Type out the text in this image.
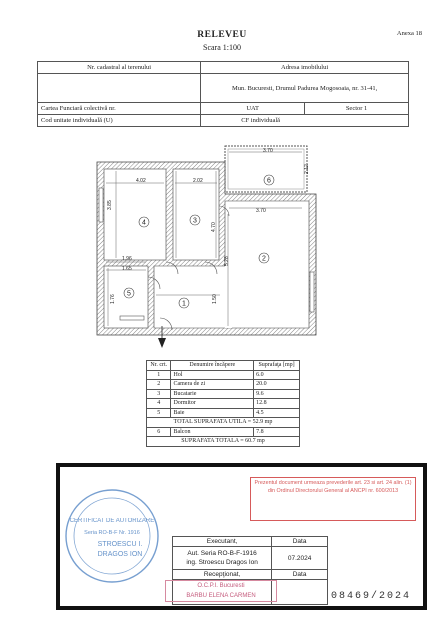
Anexa 18
RELEVEU
Scara 1:100
Nr. cadastral al terenului	Adresa imobilului	
	Mun. Bucuresti, Drumul Padurea Mogosoaia, nr. 31-41,	
Cartea Funciară colectivă nr.	UAT	Sector 1
Cod unitate individuală (U)	CF individuală	
4	3
2
5
1
6
4.02	2.02
3.70
3.70
1.96
1.65
3.85
4.70
5.28
2.12
1.50
1.76
Nr. crt.	Denumire încăpere	Suprafaţa [mp]
1	Hol	6.0
2	Camera de zi	20.0
3	Bucatarie	9.6
4	Dormitor	12.8
5	Baie	4.5
TOTAL SUPRAFATA UTILA = 52.9 mp		
6	Balcon	7.8
SUPRAFATA TOTALA = 60.7 mp		
CERTIFICAT DE AUTORIZARE
Seria RO-B-F Nr. 1916
STROESCU I.
DRAGOS ION
Prezentul document urmeaza prevederile art. 23 si art. 24 alin. (1) din Ordinul Directorului General al ANCPI nr. 600/2013
Executant,	Data

Aut. Seria RO-B-F-1916
ing. Stroescu Dragos Ion	07.2024
Recepţionat,	Data

O.C.P.I. Bucuresti
BARBU ELENA CARMEN	
		08469/2024
